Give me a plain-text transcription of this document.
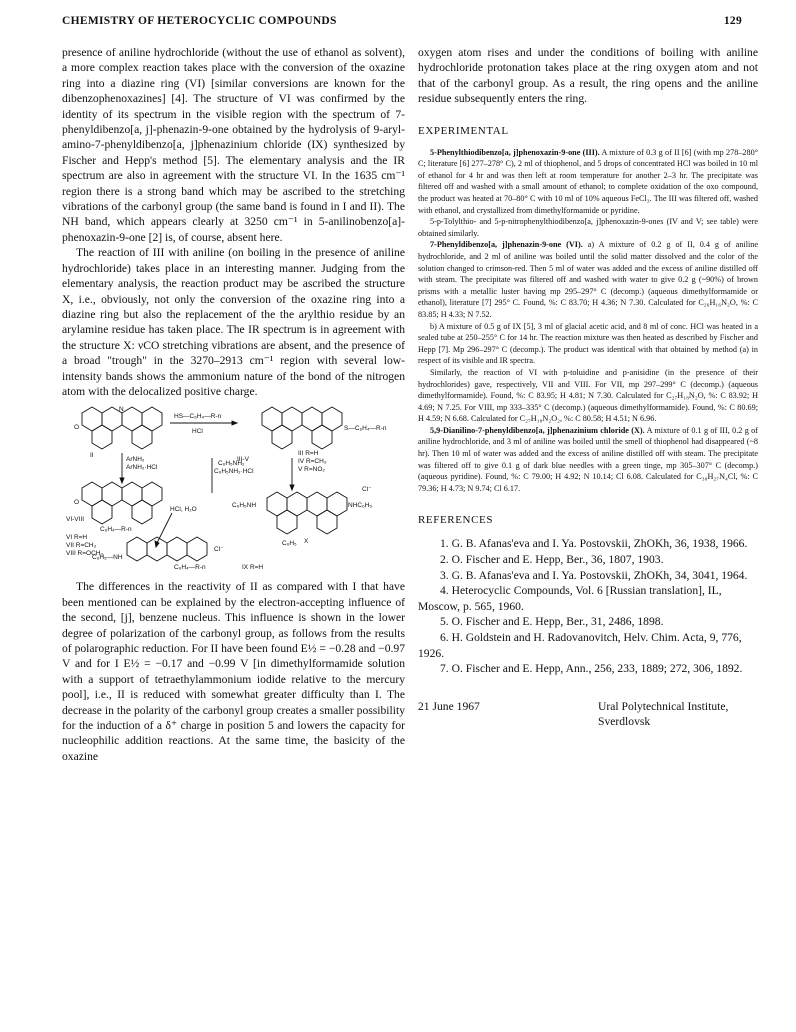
CHEMISTRY OF HETEROCYCLIC COMPOUNDS	129

presence of aniline hydrochloride (without the use of ethanol as solvent), a more complex reaction takes place with the conversion of the oxazine ring into a diazine ring (VI) [similar conversions are known for the dibenzophenoxazines] [4]. The structure of VI was confirmed by the identity of its spectrum in the visible region with the spectrum of 7-phenyldibenzo[a, j]-phenazin-9-one obtained by the hydrolysis of 9-aryl-amino-7-phenyldibenzo[a, j]phenazinium chloride (IX) synthesized by Fischer and Hepp's method [5]. The elementary analysis and the IR spectrum are also in agreement with the structure VI. In the 1635 cm⁻¹ region there is a strong band which may be ascribed to the stretching vibrations of the carbonyl group (the same band is found in I and II). The NH band, which appears clearly at 3250 cm⁻¹ in 5-anilinobenzo[a]-phenoxazin-9-one [2] is, of course, absent here.

The reaction of III with aniline (on boiling in the presence of aniline hydrochloride) takes place in an interesting manner. Judging from the elementary analysis, the reaction product may be ascribed the structure X, i.e., obviously, not only the conversion of the oxazine ring into a diazine ring but also the replacement of the the arylthio residue by an arylamine residue has taken place. The IR spectrum is in agreement with the structure X: νCO stretching vibrations are absent, and the presence of a broad "trough" in the 3270–2913 cm⁻¹ region with several low-intensity bands shows the ammonium nature of the bond of the nitrogen atom with the delocalized positive charge.

O
N
II
HS—C₆H₄—R-n
HCl	S—C₆H₄—R-n
III-V
III R=H
IV R=CH₃
V R=NO₂
ArNH₂
ArNH₂·HCl
C₆H₅NH₂
C₆H₅NH₂·HCl
O
C₆H₄—R-n
VI-VIII
VI R=H
VII R=CH₃
VIII R=OCH₃
HCl, H₂O
C₆H₅NH	NHC₆H₅
Cl⁻
X
C₆H₅
C₆H₅—NH
C₆H₄—R-n
Cl⁻
IX R=H

The differences in the reactivity of II as compared with I that have been mentioned can be explained by the electron-accepting influence of the second, [j], benzene nucleus. This influence is shown in the lower degree of polarization of the carbonyl group, as follows from the results of polarographic reduction. For II have been found E½ = −0.28 and −0.97 V and for I E½ = −0.17 and −0.99 V [in dimethylformamide solution with a support of tetraethylammonium iodide relative to the mercury pool], i.e., II is reduced with somewhat greater difficulty than I. The decrease in the polarity of the carbonyl group creates a smaller possibility for the induction of a δ⁺ charge in position 5 and lowers the capacity for nucleophilic addition reactions. At the same time, the basicity of the oxazine

oxygen atom rises and under the conditions of boiling with aniline hydrochloride protonation takes place at the ring oxygen atom and not that of the carbonyl group. As a result, the ring opens and the aniline residue subsequently enters the ring.

EXPERIMENTAL

5-Phenylthiodibenzo[a, j]phenoxazin-9-one (III). A mixture of 0.3 g of II [6] (with mp 278–280° C; literature [6] 277–278° C), 2 ml of thiophenol, and 5 drops of concentrated HCl was boiled in 10 ml of ethanol for 4 hr and was then left at room temperature for another 2–3 hr. The precipitate was filtered off and washed with a small amount of ethanol; to complete oxidation of the oxo compound, the product was heated at 70–80° C with 10 ml of 10% aqueous FeCl₃. The III was filtered off, washed with ethanol, and crystallized from dimethylformamide or pyridine.

5-p-Tolylthio- and 5-p-nitrophenylthiodibenzo[a, j]phenoxazin-9-ones (IV and V; see table) were obtained similarly.

7-Phenyldibenzo[a, j]phenazin-9-one (VI). a) A mixture of 0.2 g of II, 0.4 g of aniline hydrochloride, and 2 ml of aniline was boiled until the solid matter dissolved and the color of the solution changed to crimson-red. Then 5 ml of water was added and the excess of aniline distilled off with steam. The precipitate was filtered off and washed with water to give 0.2 g (~90%) of brown prisms with a metallic luster having mp 295–297° C (decomp.) (aqueous dimethylformamide or ethanol), literature [7] 295° C. Found, %: C 83.70; H 4.36; N 7.30. Calculated for C₂₆H₁₆N₂O, %: C 83.85; H 4.33; N 7.52.

b) A mixture of 0.5 g of IX [5], 3 ml of glacial acetic acid, and 8 ml of conc. HCl was heated in a sealed tube at 250–255° C for 14 hr. The reaction mixture was then heated as described by Fischer and Hepp [7]. Mp 296–297° C (decomp.). The product was identical with that obtained by method (a) in respect of its visible and IR spectra.

Similarly, the reaction of VI with p-toluidine and p-anisidine (in the presence of their hydrochlorides) gave, respectively, VII and VIII. For VII, mp 297–299° C (decomp.) (aqueous dimethylformamide). Found, %: C 83.95; H 4.81; N 7.30. Calculated for C₂₇H₁₈N₂O, %: C 83.92; H 4.69; N 7.25. For VIII, mp 333–335° C (decomp.) (aqueous dimethylformamide). Found, %: C 80.69; H 4.59; N 6.68. Calculated for C₂₇H₁₈N₂O₂, %: C 80.58; H 4.51; N 6.96.

5,9-Dianilino-7-phenyldibenzo[a, j]phenazinium chloride (X). A mixture of 0.1 g of III, 0.2 g of aniline hydrochloride, and 3 ml of aniline was boiled until the smell of thiophenol had disappeared (~8 hr). Then 10 ml of water was added and the excess of aniline distilled off with steam. The precipitate was filtered off to give 0.1 g of dark blue needles with a green tinge, mp 305–307° C (decomp.) (aqueous pyridine). Found, %: C 79.00; H 4.92; N 10.14; Cl 6.08. Calculated for C₃₈H₂₇N₄Cl, %: C 79.36; H 4.73; N 9.74; Cl 6.17.

REFERENCES

1. G. B. Afanas'eva and I. Ya. Postovskii, ZhOKh, 36, 1938, 1966.

2. O. Fischer and E. Hepp, Ber., 36, 1807, 1903.

3. G. B. Afanas'eva and I. Ya. Postovskii, ZhOKh, 34, 3041, 1964.

4. Heterocyclic Compounds, Vol. 6 [Russian translation], IL, Moscow, p. 565, 1960.

5. O. Fischer and E. Hepp, Ber., 31, 2486, 1898.

6. H. Goldstein and H. Radovanovitch, Helv. Chim. Acta, 9, 776, 1926.

7. O. Fischer and E. Hepp, Ann., 256, 233, 1889; 272, 306, 1892.

21 June 1967	Ural Polytechnical Institute,
Sverdlovsk
